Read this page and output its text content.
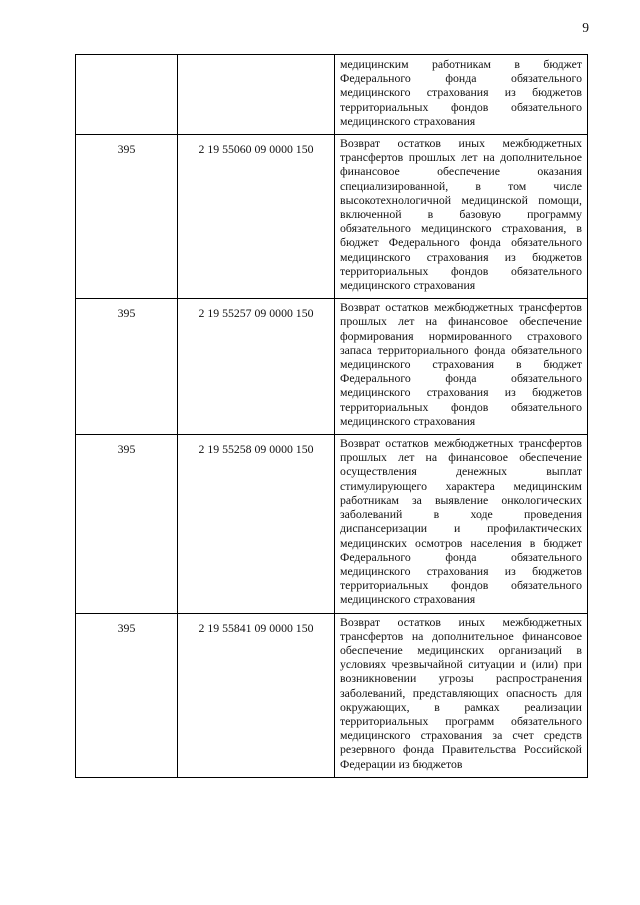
9
		медицинским работникам в бюджет Федерального фонда обязательного медицинского страхования из бюджетов территориальных фондов обязательного медицинского страхования
395	2 19 55060 09 0000 150	Возврат остатков иных межбюджетных трансфертов прошлых лет на дополнительное финансовое обеспечение оказания специализированной, в том числе высокотехнологичной медицинской помощи, включенной в базовую программу обязательного медицинского страхования, в бюджет Федерального фонда обязательного медицинского страхования из бюджетов территориальных фондов обязательного медицинского страхования
395	2 19 55257 09 0000 150	Возврат остатков межбюджетных трансфертов прошлых лет на финансовое обеспечение формирования нормированного страхового запаса территориального фонда обязательного медицинского страхования в бюджет Федерального фонда обязательного медицинского страхования из бюджетов территориальных фондов обязательного медицинского страхования
395	2 19 55258 09 0000 150	Возврат остатков межбюджетных трансфертов прошлых лет на финансовое обеспечение осуществления денежных выплат стимулирующего характера медицинским работникам за выявление онкологических заболеваний в ходе проведения диспансеризации и профилактических медицинских осмотров населения в бюджет Федерального фонда обязательного медицинского страхования из бюджетов территориальных фондов обязательного медицинского страхования
395	2 19 55841 09 0000 150	Возврат остатков иных межбюджетных трансфертов на дополнительное финансовое обеспечение медицинских организаций в условиях чрезвычайной ситуации и (или) при возникновении угрозы распространения заболеваний, представляющих опасность для окружающих, в рамках реализации территориальных программ обязательного медицинского страхования за счет средств резервного фонда Правительства Российской Федерации из бюджетов
